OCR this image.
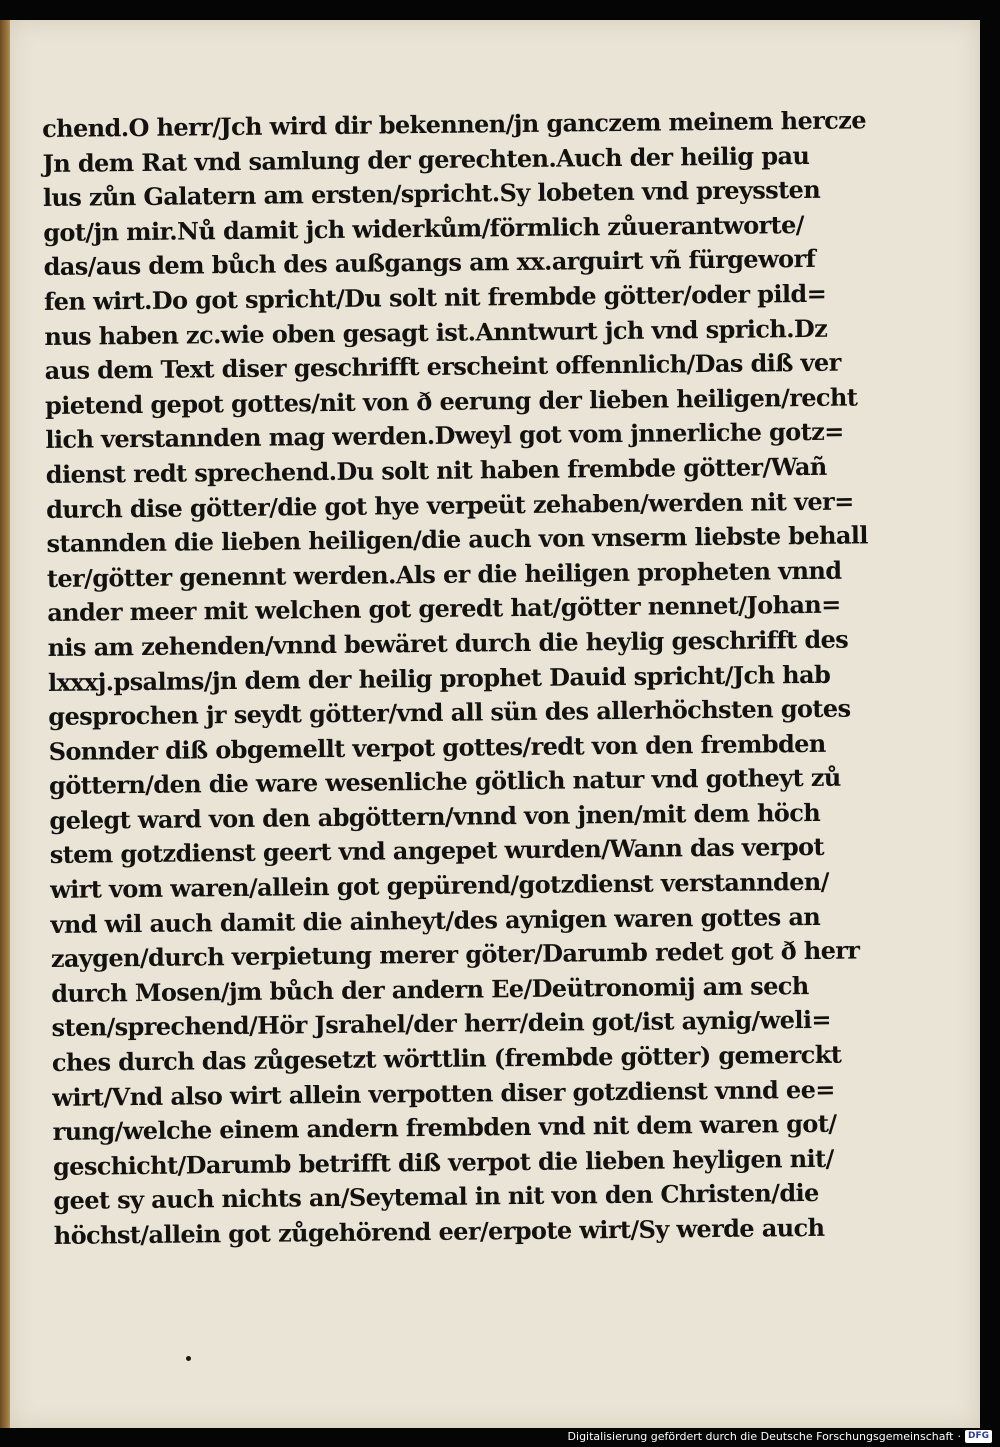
chend.O herr/Jch wird dir bekennen/jn ganczem meinem hercze
Jn dem Rat vnd samlung der gerechten.Auch der heilig pau
lus zůn Galatern am ersten/spricht.Sy lobeten vnd preyssten
got/jn mir.Nů damit jch widerkům/förmlich zůuerantworte/
das/aus dem bůch des außgangs am xx.arguirt vñ fürgeworf
fen wirt.Do got spricht/Du solt nit frembde götter/oder pild=
nus haben zc.wie oben gesagt ist.Anntwurt jch vnd sprich.Dz
aus dem Text diser geschrifft erscheint offennlich/Das diß ver
pietend gepot gottes/nit von ð eerung der lieben heiligen/recht
lich verstannden mag werden.Dweyl got vom jnnerliche gotz=
dienst redt sprechend.Du solt nit haben frembde götter/Wañ
durch dise götter/die got hye verpeüt zehaben/werden nit ver=
stannden die lieben heiligen/die auch von vnserm liebste behall
ter/götter genennt werden.Als er die heiligen propheten vnnd
ander meer mit welchen got geredt hat/götter nennet/Johan=
nis am zehenden/vnnd bewäret durch die heylig geschrifft des
lxxxj.psalms/jn dem der heilig prophet Dauid spricht/Jch hab
gesprochen jr seydt götter/vnd all sün des allerhöchsten gotes
Sonnder diß obgemellt verpot gottes/redt von den frembden
göttern/den die ware wesenliche götlich natur vnd gotheyt zů
gelegt ward von den abgöttern/vnnd von jnen/mit dem höch
stem gotzdienst geert vnd angepet wurden/Wann das verpot
wirt vom waren/allein got gepürend/gotzdienst verstannden/
vnd wil auch damit die ainheyt/des aynigen waren gottes an
zaygen/durch verpietung merer göter/Darumb redet got ð herr
durch Mosen/jm bůch der andern Ee/Deütronomij am sech
sten/sprechend/Hör Jsrahel/der herr/dein got/ist aynig/weli=
ches durch das zůgesetzt wörttlin (frembde götter) gemerckt
wirt/Vnd also wirt allein verpotten diser gotzdienst vnnd ee=
rung/welche einem andern frembden vnd nit dem waren got/
geschicht/Darumb betrifft diß verpot die lieben heyligen nit/
geet sy auch nichts an/Seytemal in nit von den Christen/die
höchst/allein got zůgehörend eer/erpote wirt/Sy werde auch
Digitalisierung gefördert durch die Deutsche Forschungsgemeinschaft · DFG
